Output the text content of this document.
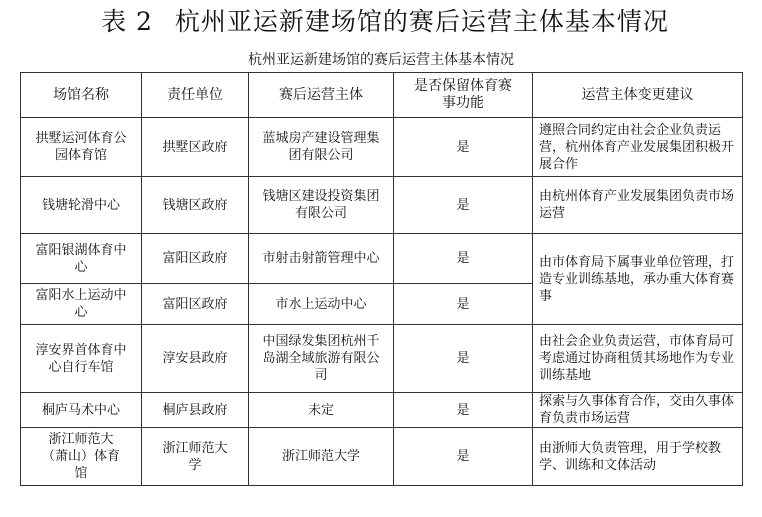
表 2 杭州亚运新建场馆的赛后运营主体基本情况
杭州亚运新建场馆的赛后运营主体基本情况
场馆名称	责任单位	赛后运营主体	是否保留体育赛事功能	运营主体变更建议

拱墅运河体育公园体育馆	拱墅区政府	蓝城房产建设管理集团有限公司	是	遵照合同约定由社会企业负责运营，杭州体育产业发展集团积极开展合作
钱塘轮滑中心	钱塘区政府	钱塘区建设投资集团有限公司	是	由杭州体育产业发展集团负责市场运营

富阳银湖体育中心	富阳区政府	市射击射箭管理中心	是	由市体育局下属事业单位管理，打造专业训练基地，承办重大体育赛事

富阳水上运动中心	富阳区政府	市水上运动中心	是	

淳安界首体育中心自行车馆	淳安县政府	中国绿发集团杭州千岛湖全域旅游有限公司	是	由社会企业负责运营，市体育局可考虑通过协商租赁其场地作为专业训练基地
桐庐马术中心	桐庐县政府	未定	是	探索与久事体育合作，交由久事体育负责市场运营

浙江师范大（萧山）体育馆	浙江师范大学	浙江师范大学	是	由浙师大负责管理，用于学校教学、训练和文体活动
